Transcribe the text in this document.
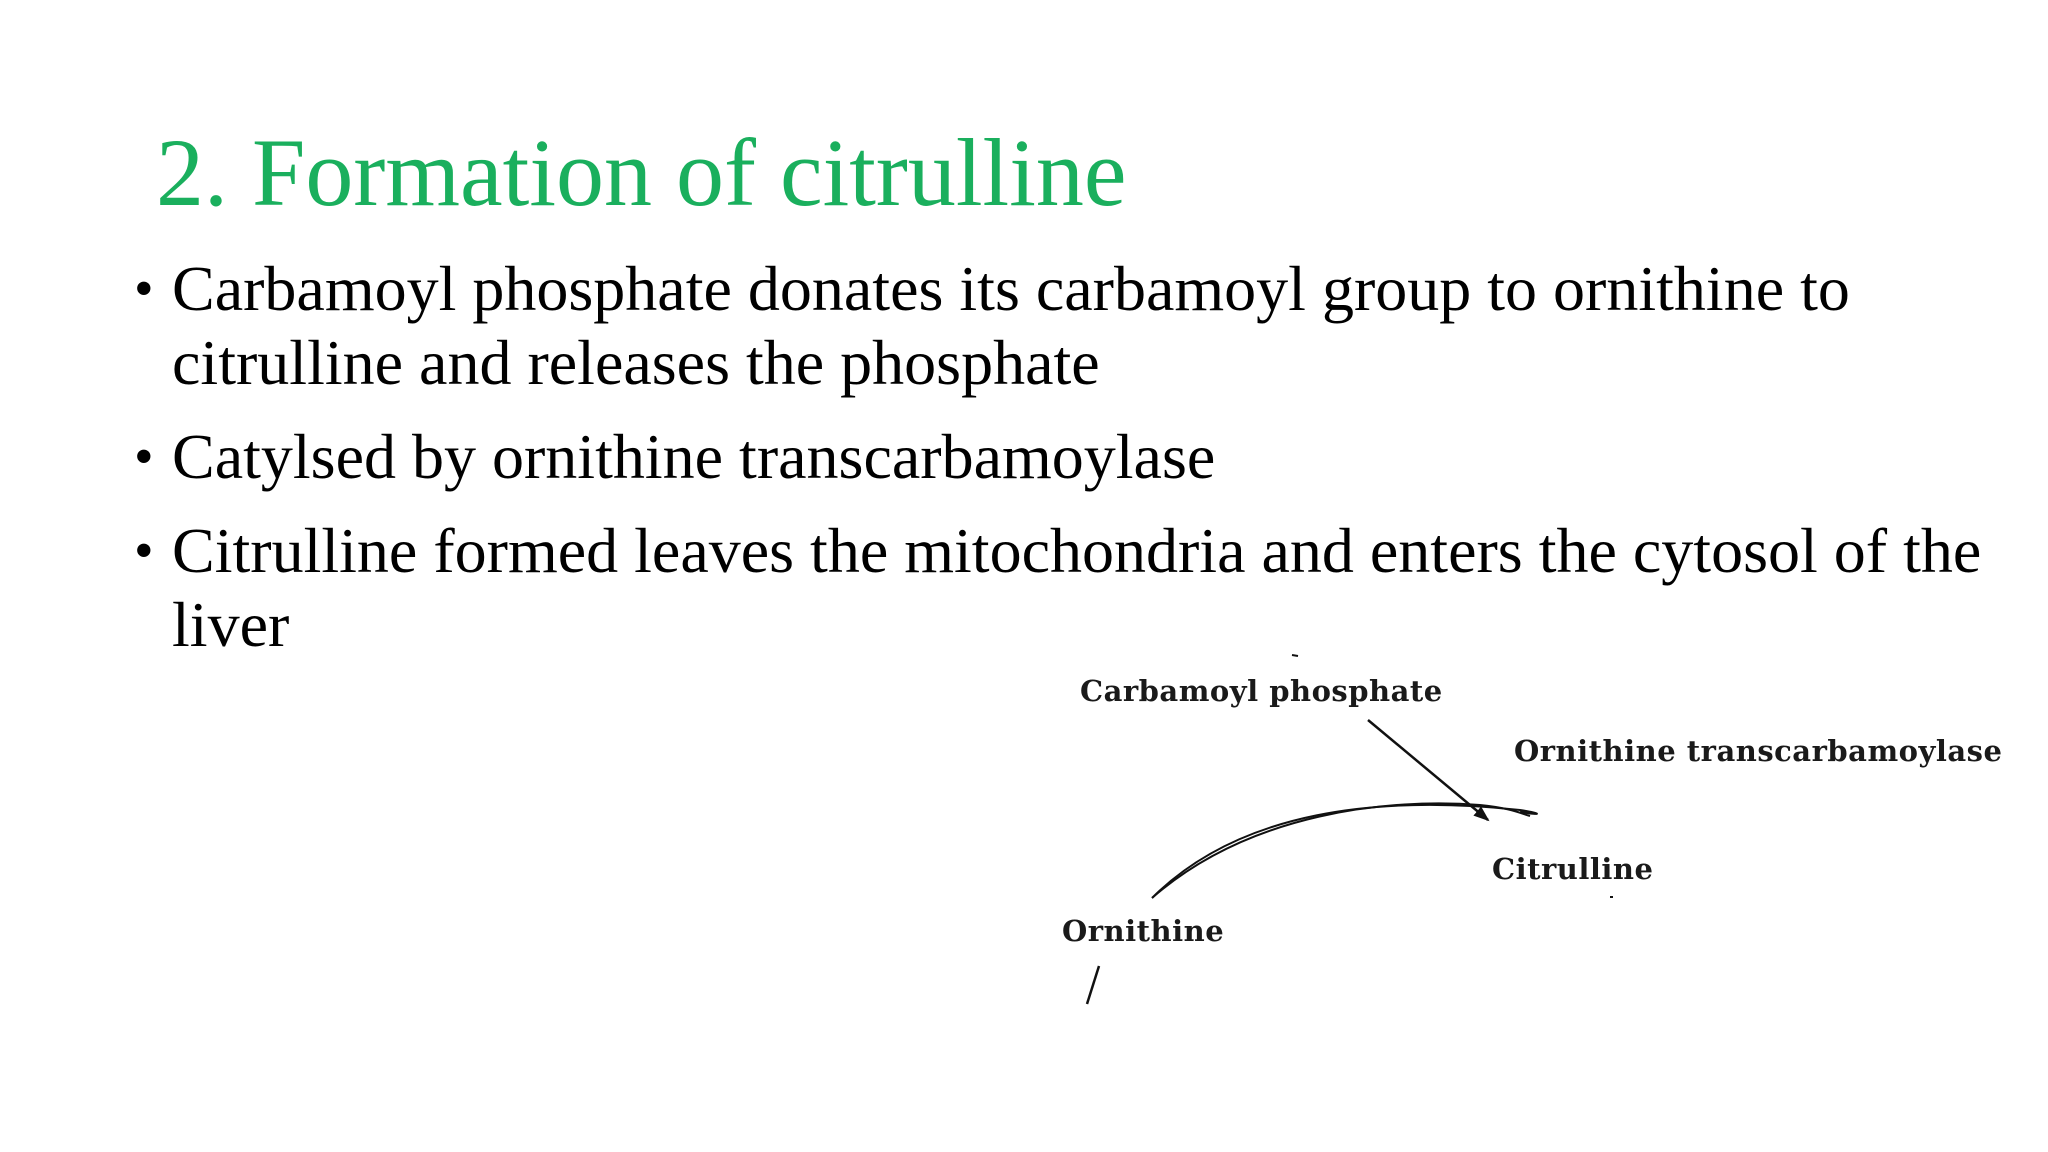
2. Formation of citrulline
• Carbamoyl phosphate donates its carbamoyl group to ornithine to citrulline and releases the phosphate
• Catylsed by ornithine transcarbamoylase
• Citrulline formed leaves the mitochondria and enters the cytosol of the liver
Carbamoyl phosphate
Ornithine transcarbamoylase
Citrulline
Ornithine
